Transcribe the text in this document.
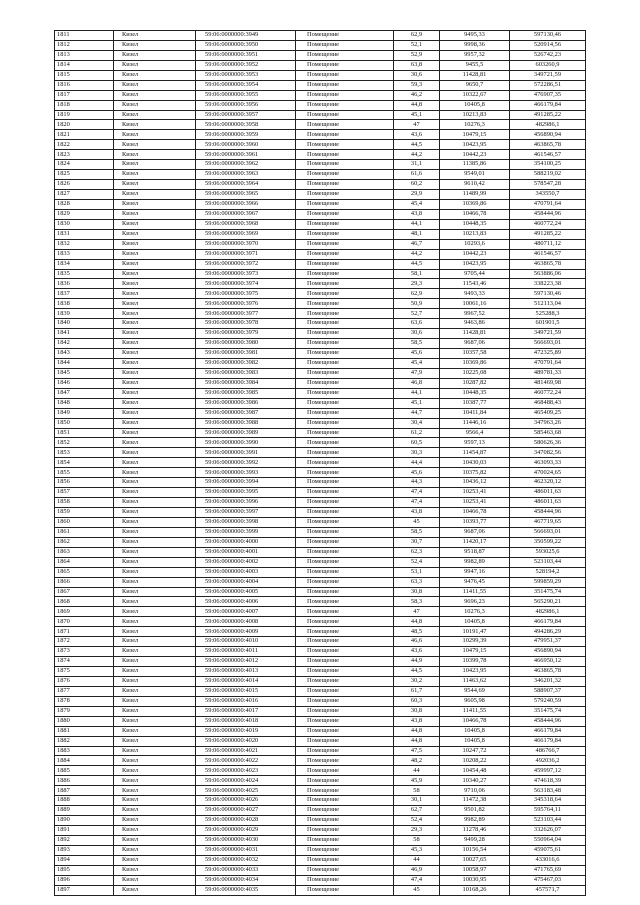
1811	Кизел	59:06:0000000:3949	Помещение	62,9	9495,33	597130,46
1812	Кизел	59:06:0000000:3950	Помещение	52,1	9998,36	520914,56
1813	Кизел	59:06:0000000:3951	Помещение	52,9	9957,32	526742,23
1814	Кизел	59:06:0000000:3952	Помещение	63,8	9455,5	603260,9
1815	Кизел	59:06:0000000:3953	Помещение	30,6	11428,81	349721,59
1816	Кизел	59:06:0000000:3954	Помещение	59,3	9650,7	572286,51
1817	Кизел	59:06:0000000:3955	Помещение	46,2	10322,67	476907,35
1818	Кизел	59:06:0000000:3956	Помещение	44,8	10405,8	466179,84
1819	Кизел	59:06:0000000:3957	Помещение	45,1	10213,83	491285,22
1820	Кизел	59:06:0000000:3958	Помещение	47	10276,3	482986,1
1821	Кизел	59:06:0000000:3959	Помещение	43,6	10479,15	456890,94
1822	Кизел	59:06:0000000:3960	Помещение	44,5	10423,95	463865,78
1823	Кизел	59:06:0000000:3961	Помещение	44,2	10442,23	461546,57
1824	Кизел	59:06:0000000:3962	Помещение	31,1	11385,86	354100,25
1825	Кизел	59:06:0000000:3963	Помещение	61,6	9549,01	588219,02
1826	Кизел	59:06:0000000:3964	Помещение	60,2	9610,42	578547,28
1827	Кизел	59:06:0000000:3965	Помещение	29,9	11489,99	343550,7
1828	Кизел	59:06:0000000:3966	Помещение	45,4	10369,86	470791,64
1829	Кизел	59:06:0000000:3967	Помещение	43,8	10466,78	458444,96
1830	Кизел	59:06:0000000:3968	Помещение	44,1	10448,35	460772,24
1831	Кизел	59:06:0000000:3969	Помещение	48,1	10213,83	491285,22
1832	Кизел	59:06:0000000:3970	Помещение	46,7	10293,6	480711,12
1833	Кизел	59:06:0000000:3971	Помещение	44,2	10442,23	461546,57
1834	Кизел	59:06:0000000:3972	Помещение	44,5	10423,95	463865,78
1835	Кизел	59:06:0000000:3973	Помещение	58,1	9705,44	563886,06
1836	Кизел	59:06:0000000:3974	Помещение	29,3	11543,46	338223,38
1837	Кизел	59:06:0000000:3975	Помещение	62,9	9493,33	597130,46
1838	Кизел	59:06:0000000:3976	Помещение	50,9	10061,16	512113,04
1839	Кизел	59:06:0000000:3977	Помещение	52,7	9967,52	525288,3
1840	Кизел	59:06:0000000:3978	Помещение	63,6	9463,86	601901,5
1841	Кизел	59:06:0000000:3979	Помещение	30,6	11428,81	349721,59
1842	Кизел	59:06:0000000:3980	Помещение	58,5	9687,06	566693,01
1843	Кизел	59:06:0000000:3981	Помещение	45,6	10357,58	472325,89
1844	Кизел	59:06:0000000:3982	Помещение	45,4	10369,86	470791,64
1845	Кизел	59:06:0000000:3983	Помещение	47,9	10225,08	489781,33
1846	Кизел	59:06:0000000:3984	Помещение	46,8	10287,82	481469,98
1847	Кизел	59:06:0000000:3985	Помещение	44,1	10448,35	460772,24
1848	Кизел	59:06:0000000:3986	Помещение	45,1	10387,77	468488,43
1849	Кизел	59:06:0000000:3987	Помещение	44,7	10411,84	465409,25
1850	Кизел	59:06:0000000:3988	Помещение	30,4	11446,16	347963,26
1851	Кизел	59:06:0000000:3989	Помещение	61,2	9566,4	585463,68
1852	Кизел	59:06:0000000:3990	Помещение	60,5	9597,13	580626,36
1853	Кизел	59:06:0000000:3991	Помещение	30,3	11454,87	347082,56
1854	Кизел	59:06:0000000:3992	Помещение	44,4	10430,03	463093,33
1855	Кизел	59:06:0000000:3993	Помещение	45,6	10375,82	470024,65
1856	Кизел	59:06:0000000:3994	Помещение	44,3	10436,12	462320,12
1857	Кизел	59:06:0000000:3995	Помещение	47,4	10253,41	486011,63
1858	Кизел	59:06:0000000:3996	Помещение	47,4	10253,41	486011,63
1859	Кизел	59:06:0000000:3997	Помещение	43,8	10466,78	458444,96
1860	Кизел	59:06:0000000:3998	Помещение	45	10393,77	467719,65
1861	Кизел	59:06:0000000:3999	Помещение	58,5	9687,06	566693,01
1862	Кизел	59:06:0000000:4000	Помещение	30,7	11420,17	350599,22
1863	Кизел	59:06:0000000:4001	Помещение	62,3	9518,87	593025,6
1864	Кизел	59:06:0000000:4002	Помещение	52,4	9982,89	523103,44
1865	Кизел	59:06:0000000:4003	Помещение	53,1	9947,16	528194,2
1866	Кизел	59:06:0000000:4004	Помещение	63,3	9476,45	599859,29
1867	Кизел	59:06:0000000:4005	Помещение	30,8	11411,55	351475,74
1868	Кизел	59:06:0000000:4006	Помещение	58,3	9696,23	565290,21
1869	Кизел	59:06:0000000:4007	Помещение	47	10276,3	482986,1
1870	Кизел	59:06:0000000:4008	Помещение	44,8	10405,8	466179,84
1871	Кизел	59:06:0000000:4009	Помещение	48,5	10191,47	494286,29
1872	Кизел	59:06:0000000:4010	Помещение	46,6	10299,39	479951,37
1873	Кизел	59:06:0000000:4011	Помещение	43,6	10479,15	456890,94
1874	Кизел	59:06:0000000:4012	Помещение	44,9	10399,78	466950,12
1875	Кизел	59:06:0000000:4013	Помещение	44,5	10423,95	463865,78
1876	Кизел	59:06:0000000:4014	Помещение	30,2	11463,62	346201,32
1877	Кизел	59:06:0000000:4015	Помещение	61,7	9544,69	588907,37
1878	Кизел	59:06:0000000:4016	Помещение	60,3	9605,98	579240,59
1879	Кизел	59:06:0000000:4017	Помещение	30,8	11411,55	351475,74
1880	Кизел	59:06:0000000:4018	Помещение	43,8	10466,78	458444,96
1881	Кизел	59:06:0000000:4019	Помещение	44,8	10405,8	466179,84
1882	Кизел	59:06:0000000:4020	Помещение	44,8	10405,8	466179,84
1883	Кизел	59:06:0000000:4021	Помещение	47,5	10247,72	486766,7
1884	Кизел	59:06:0000000:4022	Помещение	48,2	10208,22	492036,2
1885	Кизел	59:06:0000000:4023	Помещение	44	10454,48	459997,12
1886	Кизел	59:06:0000000:4024	Помещение	45,9	10340,27	474618,39
1887	Кизел	59:06:0000000:4025	Помещение	58	9710,06	563183,48
1888	Кизел	59:06:0000000:4026	Помещение	30,1	11472,38	345318,64
1889	Кизел	59:06:0000000:4027	Помещение	62,7	9501,82	595764,11
1890	Кизел	59:06:0000000:4028	Помещение	52,4	9982,89	523103,44
1891	Кизел	59:06:0000000:4029	Помещение	29,3	11278,46	332626,07
1892	Кизел	59:06:0000000:4030	Помещение	58	9499,28	550964,04
1893	Кизел	59:06:0000000:4031	Помещение	45,3	10156,54	459075,61
1894	Кизел	59:06:0000000:4032	Помещение	44	10027,65	433016,6
1895	Кизел	59:06:0000000:4033	Помещение	46,9	10058,97	471765,69
1896	Кизел	59:06:0000000:4034	Помещение	47,4	10030,95	475467,03
1897	Кизел	59:06:0000000:4035	Помещение	45	10168,26	457571,7
